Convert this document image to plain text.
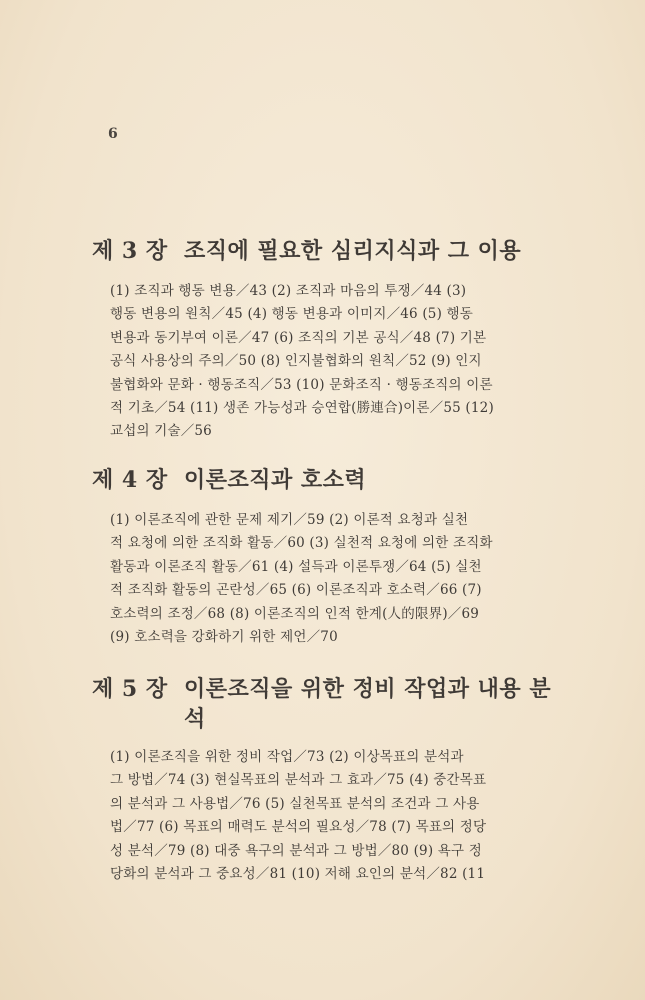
6
제 3 장 조직에 필요한 심리지식과 그 이용
(1) 조직과 행동 변용／43 (2) 조직과 마음의 투쟁／44 (3)
행동 변용의 원칙／45 (4) 행동 변용과 이미지／46 (5) 행동
변용과 동기부여 이론／47 (6) 조직의 기본 공식／48 (7) 기본
공식 사용상의 주의／50 (8) 인지불협화의 원칙／52 (9) 인지
불협화와 문화 · 행동조직／53 (10) 문화조직 · 행동조직의 이론
적 기초／54 (11) 생존 가능성과 승연합(勝連合)이론／55 (12)
교섭의 기술／56
제 4 장 이론조직과 호소력
(1) 이론조직에 관한 문제 제기／59 (2) 이론적 요청과 실천
적 요청에 의한 조직화 활동／60 (3) 실천적 요청에 의한 조직화
활동과 이론조직 활동／61 (4) 설득과 이론투쟁／64 (5) 실천
적 조직화 활동의 곤란성／65 (6) 이론조직과 호소력／66 (7)
호소력의 조정／68 (8) 이론조직의 인적 한계(人的限界)／69
(9) 호소력을 강화하기 위한 제언／70
제 5 장 이론조직을 위한 정비 작업과 내용 분석
(1) 이론조직을 위한 정비 작업／73 (2) 이상목표의 분석과
그 방법／74 (3) 현실목표의 분석과 그 효과／75 (4) 중간목표
의 분석과 그 사용법／76 (5) 실천목표 분석의 조건과 그 사용
법／77 (6) 목표의 매력도 분석의 필요성／78 (7) 목표의 정당
성 분석／79 (8) 대중 욕구의 분석과 그 방법／80 (9) 욕구 정
당화의 분석과 그 중요성／81 (10) 저해 요인의 분석／82 (11
